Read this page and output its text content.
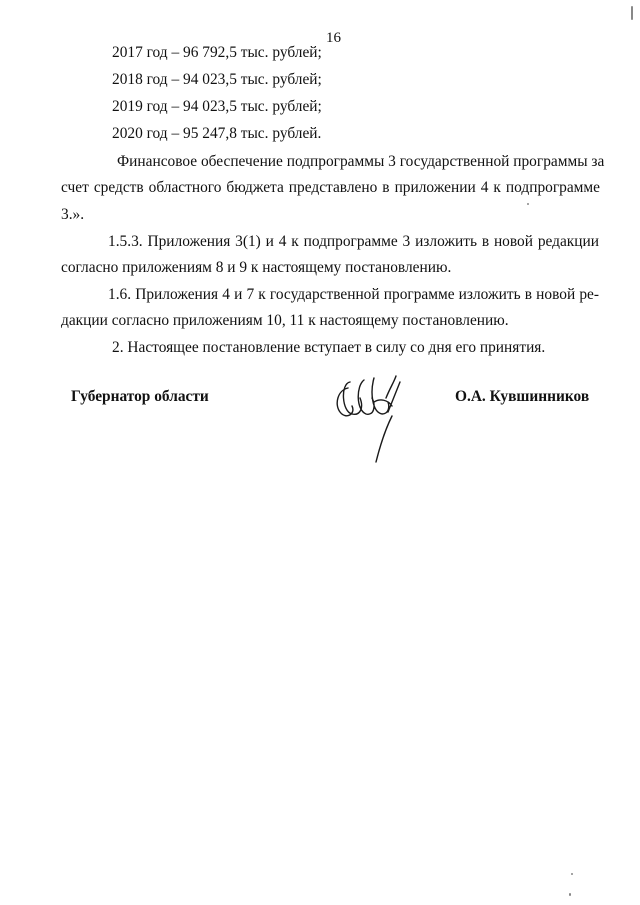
16
2017 год – 96 792,5 тыс. рублей;
2018 год – 94 023,5 тыс. рублей;
2019 год – 94 023,5 тыс. рублей;
2020 год – 95 247,8 тыс. рублей.
Финансовое обеспечение подпрограммы 3 государственной программы за
счет средств областного бюджета представлено в приложении 4 к подпрограмме
3.».
1.5.3. Приложения 3(1) и 4 к подпрограмме 3 изложить в новой редакции
согласно приложениям 8 и 9 к настоящему постановлению.
1.6. Приложения 4 и 7 к государственной программе изложить в новой ре-
дакции согласно приложениям 10, 11 к настоящему постановлению.
2. Настоящее постановление вступает в силу со дня его принятия.
Губернатор области	О.А. Кувшинников
